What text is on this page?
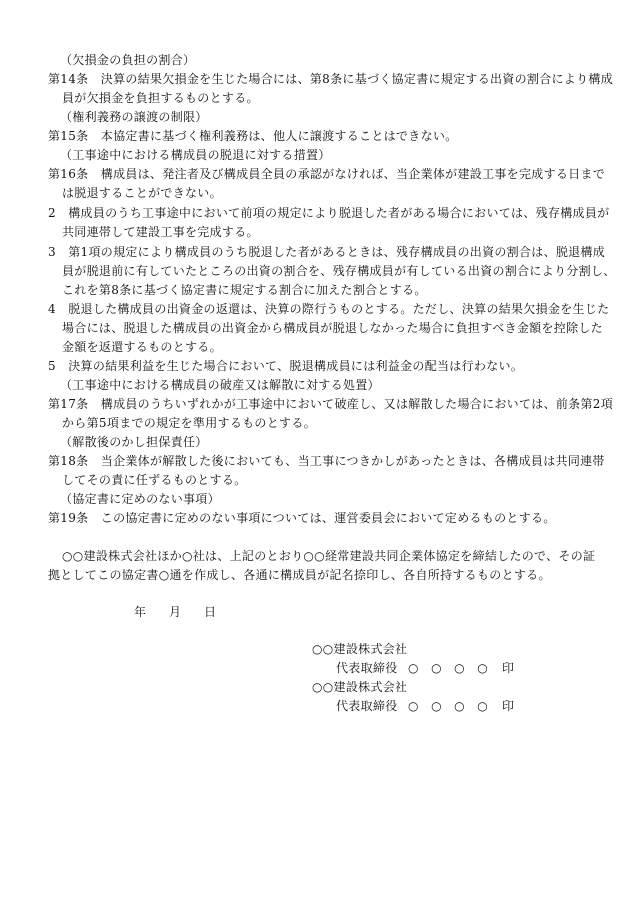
（欠損金の負担の割合）
第14条　決算の結果欠損金を生じた場合には、第8条に基づく協定書に規定する出資の割合により構成
員が欠損金を負担するものとする。
（権利義務の譲渡の制限）
第15条　本協定書に基づく権利義務は、他人に譲渡することはできない。
（工事途中における構成員の脱退に対する措置）
第16条　構成員は、発注者及び構成員全員の承認がなければ、当企業体が建設工事を完成する日まで
は脱退することができない。
2　構成員のうち工事途中において前項の規定により脱退した者がある場合においては、残存構成員が
共同連帯して建設工事を完成する。
3　第1項の規定により構成員のうち脱退した者があるときは、残存構成員の出資の割合は、脱退構成
員が脱退前に有していたところの出資の割合を、残存構成員が有している出資の割合により分割し、
これを第8条に基づく協定書に規定する割合に加えた割合とする。
4　脱退した構成員の出資金の返還は、決算の際行うものとする。ただし、決算の結果欠損金を生じた
場合には、脱退した構成員の出資金から構成員が脱退しなかった場合に負担すべき金額を控除した
金額を返還するものとする。
5　決算の結果利益を生じた場合において、脱退構成員には利益金の配当は行わない。
（工事途中における構成員の破産又は解散に対する処置）
第17条　構成員のうちいずれかが工事途中において破産し、又は解散した場合においては、前条第2項
から第5項までの規定を準用するものとする。
（解散後のかし担保責任）
第18条　当企業体が解散した後においても、当工事につきかしがあったときは、各構成員は共同連帯
してその責に任ずるものとする。
（協定書に定めのない事項）
第19条　この協定書に定めのない事項については、運営委員会において定めるものとする。
○○建設株式会社ほか○社は、上記のとおり○○経常建設共同企業体協定を締結したので、その証
拠としてこの協定書○通を作成し、各通に構成員が記名捺印し、各自所持するものとする。
年 月 日
○○建設株式会社
代表取締役 ○　○　○　○ 印
○○建設株式会社
代表取締役 ○　○　○　○ 印
